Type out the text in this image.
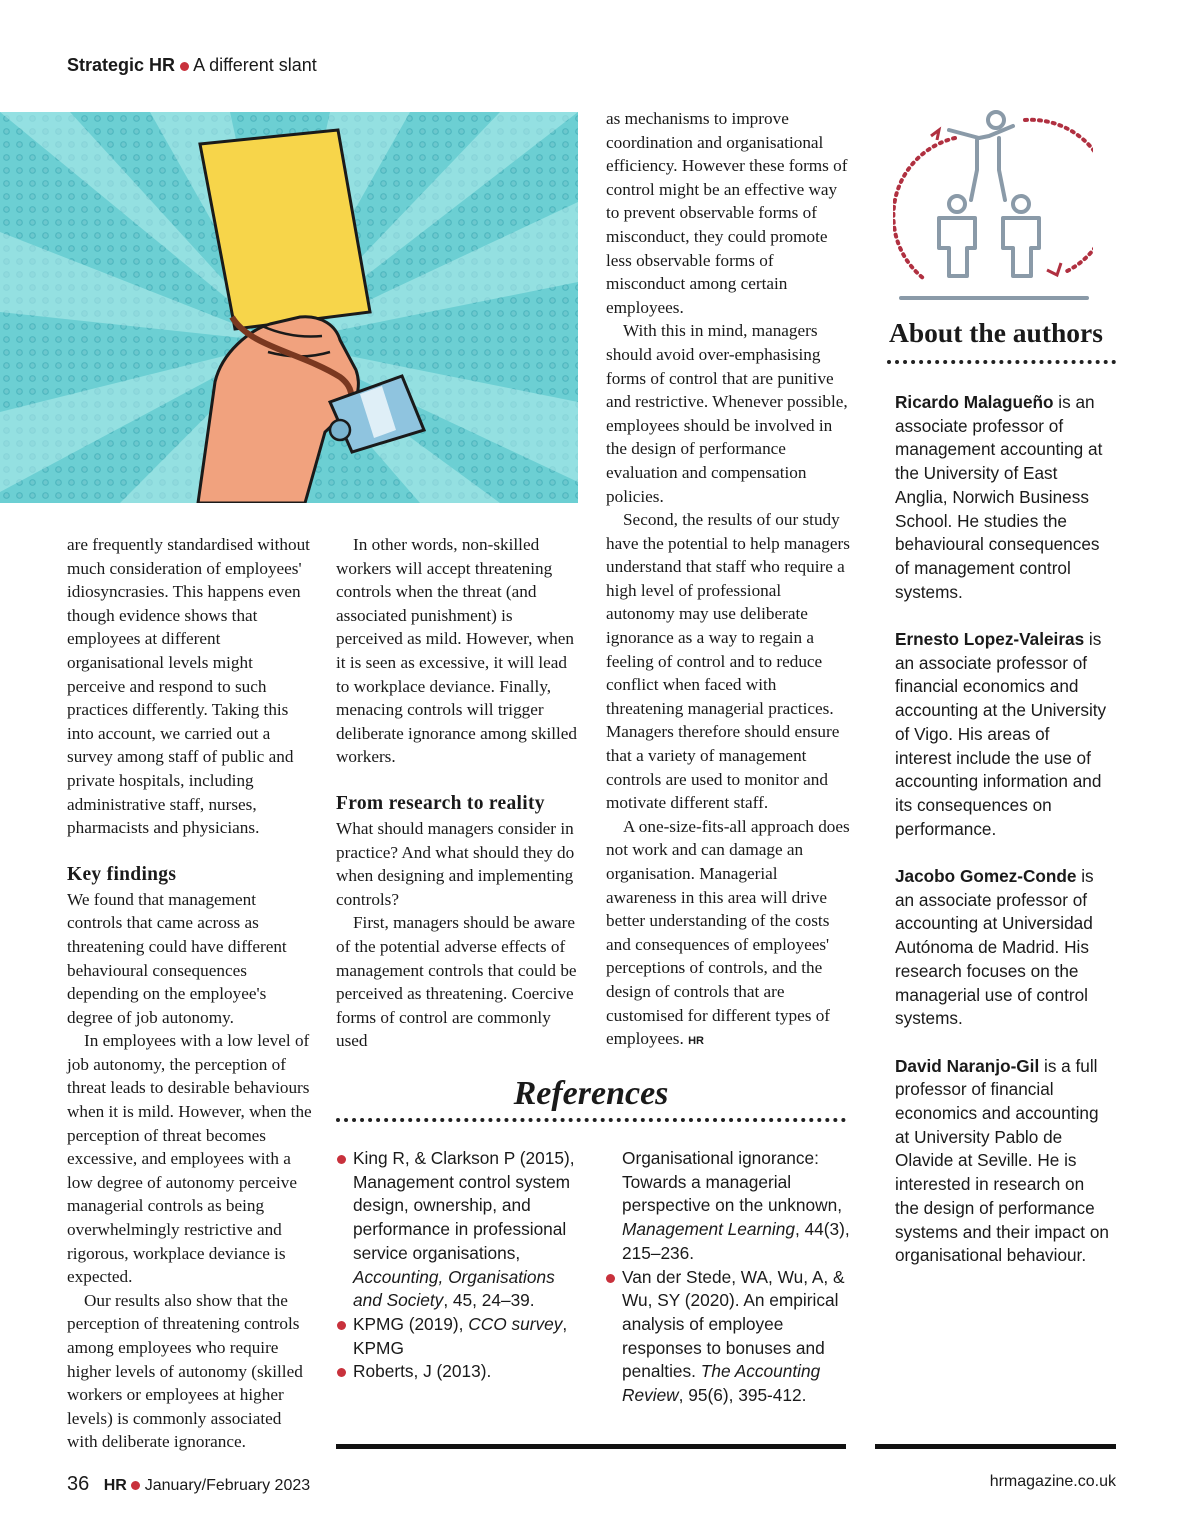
Strategic HR A different slant

are frequently standardised without much consideration of employees' idiosyncrasies. This happens even though evidence shows that employees at different organisational levels might perceive and respond to such practices differently. Taking this into account, we carried out a survey among staff of public and private hospitals, including administrative staff, nurses, pharmacists and physicians.

Key findings

We found that management controls that came across as threatening could have different behavioural consequences depending on the employee's degree of job autonomy.

In employees with a low level of job autonomy, the perception of threat leads to desirable behaviours when it is mild. However, when the perception of threat becomes excessive, and employees with a low degree of autonomy perceive managerial controls as being overwhelmingly restrictive and rigorous, workplace deviance is expected.

Our results also show that the perception of threatening controls among employees who require higher levels of autonomy (skilled workers or employees at higher levels) is commonly associated with deliberate ignorance.

In other words, non-skilled workers will accept threatening controls when the threat (and associated punishment) is perceived as mild. However, when it is seen as excessive, it will lead to workplace deviance. Finally, menacing controls will trigger deliberate ignorance among skilled workers.

From research to reality

What should managers consider in practice? And what should they do when designing and implementing controls?

First, managers should be aware of the potential adverse effects of management controls that could be perceived as threatening. Coercive forms of control are commonly used

as mechanisms to improve coordination and organisational efficiency. However these forms of control might be an effective way to prevent observable forms of misconduct, they could promote less observable forms of misconduct among certain employees.

With this in mind, managers should avoid over-emphasising forms of control that are punitive and restrictive. Whenever possible, employees should be involved in the design of performance evaluation and compensation policies.

Second, the results of our study have the potential to help managers understand that staff who require a high level of professional autonomy may use deliberate ignorance as a way to regain a feeling of control and to reduce conflict when faced with threatening managerial practices. Managers therefore should ensure that a variety of management controls are used to monitor and motivate different staff.

A one-size-fits-all approach does not work and can damage an organisation. Managerial awareness in this area will drive better understanding of the costs and consequences of employees' perceptions of controls, and the design of controls that are customised for different types of employees. HR

References

King R, & Clarkson P (2015), Management control system design, ownership, and performance in professional service organisations, Accounting, Organisations and Society, 45, 24–39.

KPMG (2019), CCO survey, KPMG

Roberts, J (2013).

Organisational ignorance: Towards a managerial perspective on the unknown, Management Learning, 44(3), 215–236.

Van der Stede, WA, Wu, A, & Wu, SY (2020). An empirical analysis of employee responses to bonuses and penalties. The Accounting Review, 95(6), 395-412.

About the authors

Ricardo Malagueño is an associate professor of management accounting at the University of East Anglia, Norwich Business School. He studies the behavioural consequences of management control systems.

Ernesto Lopez-Valeiras is an associate professor of financial economics and accounting at the University of Vigo. His areas of interest include the use of accounting information and its consequences on performance.

Jacobo Gomez-Conde is an associate professor of accounting at Universidad Autónoma de Madrid. His research focuses on the managerial use of control systems.

David Naranjo-Gil is a full professor of financial economics and accounting at University Pablo de Olavide at Seville. He is interested in research on the design of performance systems and their impact on organisational behaviour.

36 HR January/February 2023	hrmagazine.co.uk
